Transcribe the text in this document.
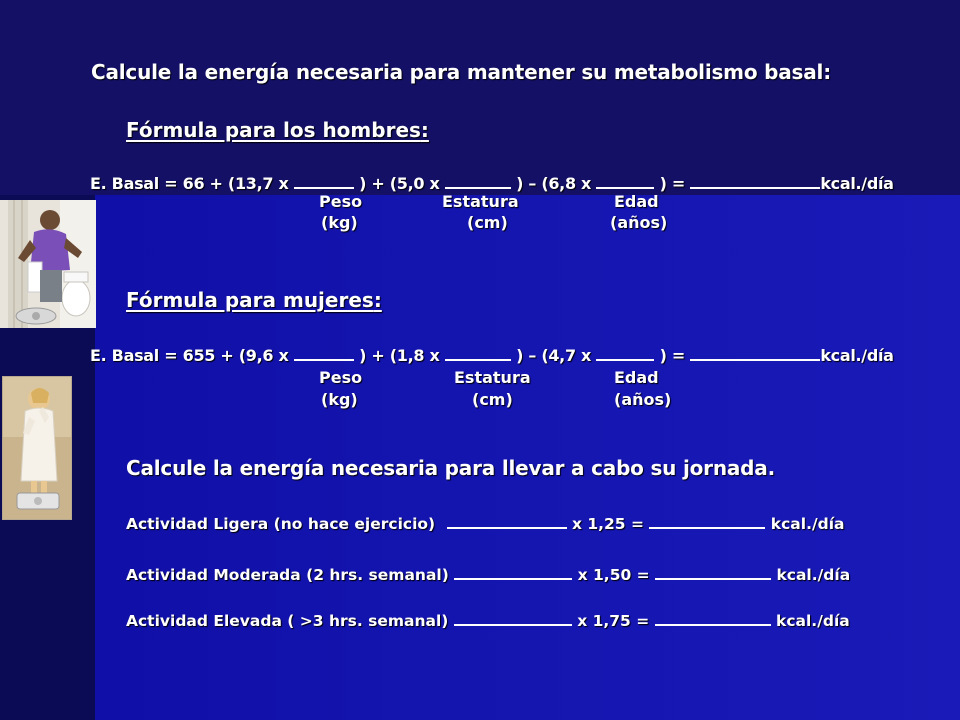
Calcule la energía necesaria para mantener su metabolismo basal:
Fórmula para los hombres:
E. Basal = 66 + (13,7 x	) + (5,0 x	) – (6,8 x	) =	kcal./día
Peso
(kg)
Estatura
(cm)
Edad
(años)
Fórmula para mujeres:
E. Basal = 655 + (9,6 x	) + (1,8 x	) – (4,7 x	) =	kcal./día
Peso
(kg)
Estatura
(cm)
Edad
(años)
Calcule la energía necesaria para llevar a cabo su jornada.
Actividad Ligera (no hace ejercicio)	x 1,25 =	kcal./día
Actividad Moderada (2 hrs. semanal)	x 1,50 =	kcal./día
Actividad Elevada ( >3 hrs. semanal)	x 1,75 =	kcal./día
